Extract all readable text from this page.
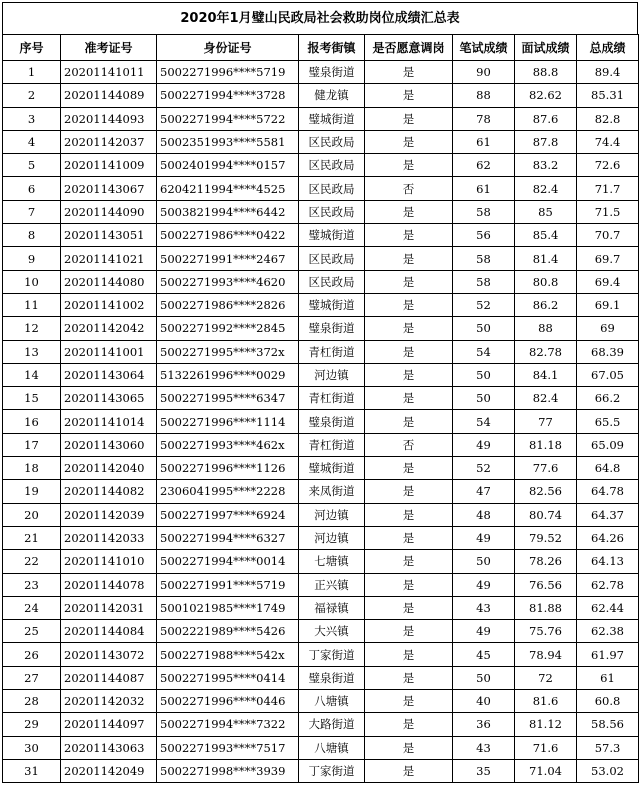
2020年1月璧山民政局社会救助岗位成绩汇总表
序号	准考证号	身份证号	报考街镇	是否愿意调岗	笔试成绩	面试成绩	总成绩
1	20201141011	5002271996****5719	璧泉街道	是	90	88.8	89.4
2	20201144089	5002271994****3728	健龙镇	是	88	82.62	85.31
3	20201144093	5002271994****5722	璧城街道	是	78	87.6	82.8
4	20201142037	5002351993****5581	区民政局	是	61	87.8	74.4
5	20201141009	5002401994****0157	区民政局	是	62	83.2	72.6
6	20201143067	6204211994****4525	区民政局	否	61	82.4	71.7
7	20201144090	5003821994****6442	区民政局	是	58	85	71.5
8	20201143051	5002271986****0422	璧城街道	是	56	85.4	70.7
9	20201141021	5002271991****2467	区民政局	是	58	81.4	69.7
10	20201144080	5002271993****4620	区民政局	是	58	80.8	69.4
11	20201141002	5002271986****2826	璧城街道	是	52	86.2	69.1
12	20201142042	5002271992****2845	璧泉街道	是	50	88	69
13	20201141001	5002271995****372x	青杠街道	是	54	82.78	68.39
14	20201143064	5132261996****0029	河边镇	是	50	84.1	67.05
15	20201143065	5002271995****6347	青杠街道	是	50	82.4	66.2
16	20201141014	5002271996****1114	璧泉街道	是	54	77	65.5
17	20201143060	5002271993****462x	青杠街道	否	49	81.18	65.09
18	20201142040	5002271996****1126	璧城街道	是	52	77.6	64.8
19	20201144082	2306041995****2228	来凤街道	是	47	82.56	64.78
20	20201142039	5002271997****6924	河边镇	是	48	80.74	64.37
21	20201142033	5002271994****6327	河边镇	是	49	79.52	64.26
22	20201141010	5002271994****0014	七塘镇	是	50	78.26	64.13
23	20201144078	5002271991****5719	正兴镇	是	49	76.56	62.78
24	20201142031	5001021985****1749	福禄镇	是	43	81.88	62.44
25	20201144084	5002221989****5426	大兴镇	是	49	75.76	62.38
26	20201143072	5002271988****542x	丁家街道	是	45	78.94	61.97
27	20201144087	5002271995****0414	璧泉街道	是	50	72	61
28	20201142032	5002271996****0446	八塘镇	是	40	81.6	60.8
29	20201144097	5002271994****7322	大路街道	是	36	81.12	58.56
30	20201143063	5002271993****7517	八塘镇	是	43	71.6	57.3
31	20201142049	5002271998****3939	丁家街道	是	35	71.04	53.02
